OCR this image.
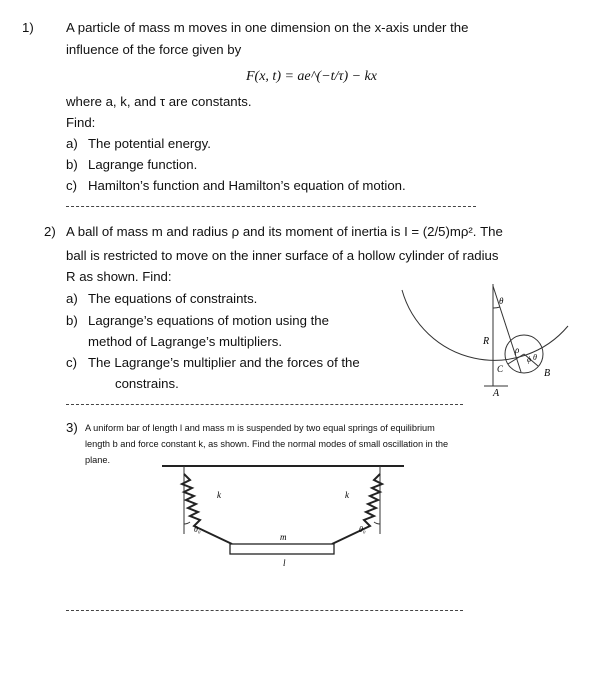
1) A particle of mass m moves in one dimension on the x-axis under the
influence of the force given by
F(x, t) = ae^(−t/τ) − kx
where a, k, and τ are constants.
Find:
a) The potential energy.
b) Lagrange function.
c) Hamilton’s function and Hamilton’s equation of motion.
2) A ball of mass m and radius ρ and its moment of inertia is I = (2/5)mρ². The
ball is restricted to move on the inner surface of a hollow cylinder of radius
R as shown. Find:
a) The equations of constraints.
b) Lagrange’s equations of motion using the
method of Lagrange’s multipliers.
c) The Lagrange’s multiplier and the forces of the
constrains.
θ
R
ρ
C
ϕ θ
B
A
3) A uniform bar of length l and mass m is suspended by two equal springs of equilibrium
length b and force constant k, as shown. Find the normal modes of small oscillation in the
plane.
k	k
θ₀	θ₀
m
l
